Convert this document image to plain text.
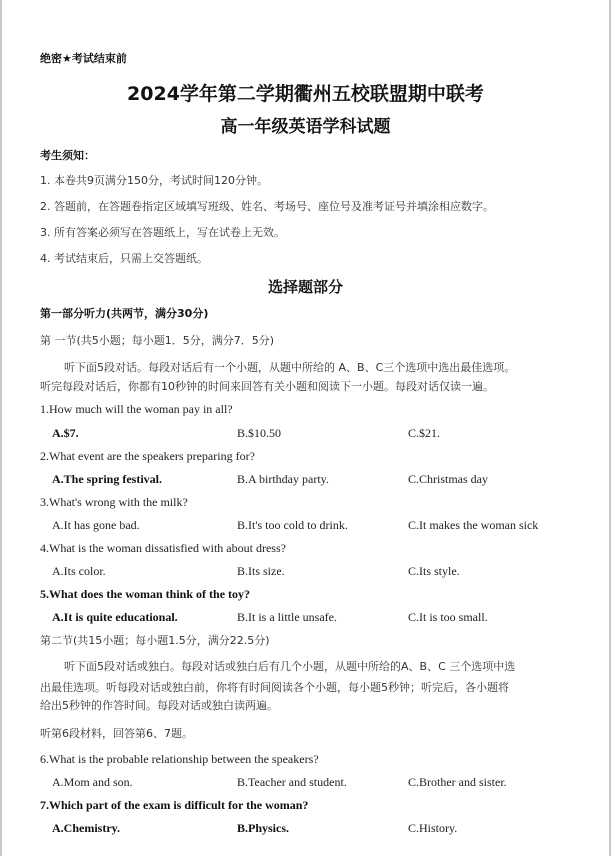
绝密★考试结束前
2024学年第二学期衢州五校联盟期中联考
高一年级英语学科试题
考生须知：
1. 本卷共9页满分150分，考试时间120分钟。
2. 答题前，在答题卷指定区域填写班级、姓名、考场号、座位号及准考证号并填涂相应数字。
3. 所有答案必须写在答题纸上，写在试卷上无效。
4. 考试结束后，只需上交答题纸。
选择题部分
第一部分听力(共两节，满分30分)
第 一节(共5小题；每小题1．5分，满分7．5分)
听下面5段对话。每段对话后有一个小题，从题中所给的 A、B、C三个选项中选出最佳选项。
听完每段对话后，你都有10秒钟的时间来回答有关小题和阅读下一小题。每段对话仅读一遍。
1.How much will the woman pay in all?
A.$7.	B.$10.50	C.$21.
2.What event are the speakers preparing for?
A.The spring festival.	B.A birthday party.	C.Christmas day
3.What's wrong with the milk?
A.It has gone bad.	B.It's too cold to drink.	C.It makes the woman sick
4.What is the woman dissatisfied with about dress?
A.Its color.	B.Its size.	C.Its style.
5.What does the woman think of the toy?
A.It is quite educational.	B.It is a little unsafe.	C.It is too small.
第二节(共15小题；每小题1.5分，满分22.5分)
听下面5段对话或独白。每段对话或独白后有几个小题，从题中所给的A、B、C 三个选项中选
出最佳选项。听每段对话或独白前，你将有时间阅读各个小题，每小题5秒钟；听完后，各小题将
给出5秒钟的作答时间。每段对话或独白读两遍。
听第6段材料，回答第6、7题。
6.What is the probable relationship between the speakers?
A.Mom and son.	B.Teacher and student.	C.Brother and sister.
7.Which part of the exam is difficult for the woman?
A.Chemistry.	B.Physics.	C.History.
